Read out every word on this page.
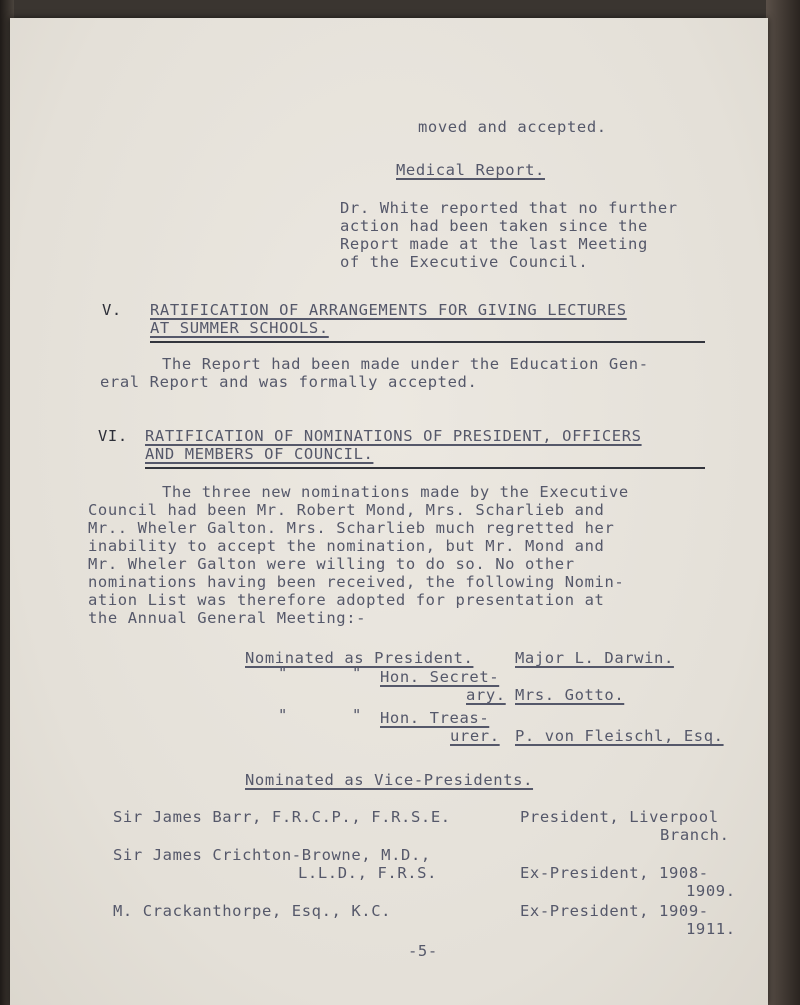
moved and accepted.
Medical Report.
Dr. White reported that no further
action had been taken since the
Report made at the last Meeting
of the Executive Council.
V. RATIFICATION OF ARRANGEMENTS FOR GIVING LECTURES
AT SUMMER SCHOOLS.
The Report had been made under the Education Gen-
eral Report and was formally accepted.
VI. RATIFICATION OF NOMINATIONS OF PRESIDENT, OFFICERS
AND MEMBERS OF COUNCIL.
The three new nominations made by the Executive
Council had been Mr. Robert Mond, Mrs. Scharlieb and
Mr.. Wheler Galton. Mrs. Scharlieb much regretted her
inability to accept the nomination, but Mr. Mond and
Mr. Wheler Galton were willing to do so. No other
nominations having been received, the following Nomin-
ation List was therefore adopted for presentation at
the Annual General Meeting:-
Nominated as President.	Major L. Darwin.
"	" Hon. Secret-
ary. Mrs. Gotto.
"	" Hon. Treas-
urer. P. von Fleischl, Esq.
Nominated as Vice-Presidents.
Sir James Barr, F.R.C.P., F.R.S.E.	President, Liverpool
Branch.
Sir James Crichton-Browne, M.D.,
L.L.D., F.R.S.	Ex-President, 1908-
1909.
M. Crackanthorpe, Esq., K.C.	Ex-President, 1909-
1911.
-5-
